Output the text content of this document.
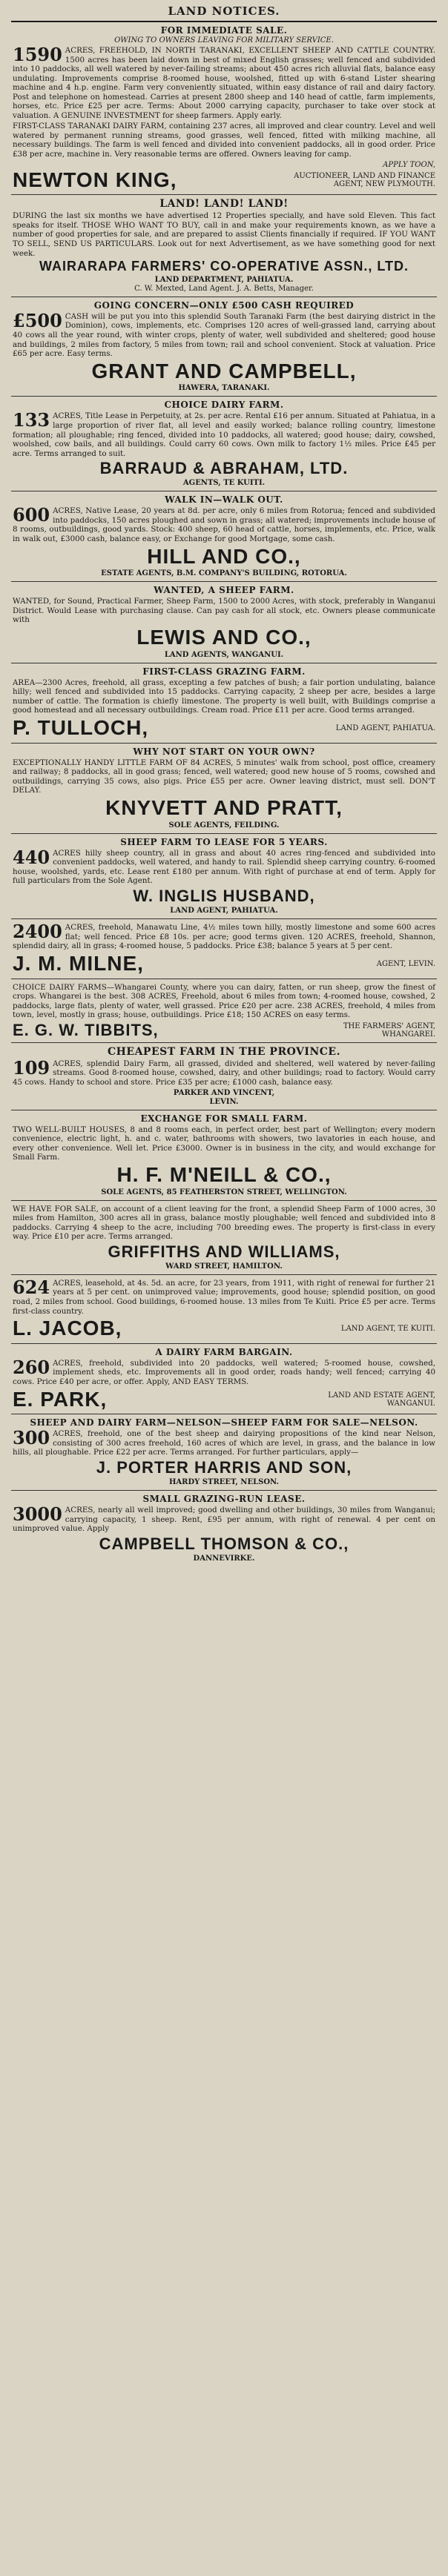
LAND NOTICES.
FOR IMMEDIATE SALE.
OWING TO OWNERS LEAVING FOR MILITARY SERVICE.
1590 ACRES, FREEHOLD, IN NORTH TARANAKI, EXCELLENT SHEEP AND CATTLE COUNTRY. 1500 acres has been laid down in best of mixed English grasses; well fenced and subdivided into 10 paddocks, all well watered by never-failing streams; about 450 acres rich alluvial flats, balance easy undulating. Improvements comprise 8-roomed house, woolshed, fitted up with 6-stand Lister shearing machine and 4 h.p. engine. Farm very conveniently situated, within easy distance of rail and dairy factory. Post and telephone on homestead. Carries at present 2800 sheep and 140 head of cattle, farm implements, horses, etc. Price £25 per acre. Terms: About 2000 carrying capacity, purchaser to take over stock at valuation. A GENUINE INVESTMENT for sheep farmers. Apply early.
FIRST-CLASS TARANAKI DAIRY FARM, containing 237 acres, all improved and clear country. Level and well watered by permanent running streams, good grasses, well fenced, fitted with milking machine, all necessary buildings. The farm is well fenced and divided into convenient paddocks, all in good order. Price £38 per acre, machine in. Very reasonable terms are offered. Owners leaving for camp.
APPLY TOON,
NEWTON KING,	AUCTIONEER, LAND AND FINANCE AGENT, NEW PLYMOUTH.
LAND! LAND! LAND!
DURING the last six months we have advertised 12 Properties specially, and have sold Eleven. This fact speaks for itself. THOSE WHO WANT TO BUY, call in and make your requirements known, as we have a number of good properties for sale, and are prepared to assist Clients financially if required. IF YOU WANT TO SELL, SEND US PARTICULARS. Look out for next Advertisement, as we have something good for next week.
WAIRARAPA FARMERS' CO-OPERATIVE ASSN., LTD.
LAND DEPARTMENT, PAHIATUA.
C. W. Mexted, Land Agent. J. A. Betts, Manager.
GOING CONCERN—ONLY £500 CASH REQUIRED
£500 CASH will be put you into this splendid South Taranaki Farm (the best dairying district in the Dominion), cows, implements, etc. Comprises 120 acres of well-grassed land, carrying about 40 cows all the year round, with winter crops, plenty of water, well subdivided and sheltered; good house and buildings, 2 miles from factory, 5 miles from town; rail and school convenient. Stock at valuation. Price £65 per acre. Easy terms.
GRANT AND CAMPBELL,
HAWERA, TARANAKI.
CHOICE DAIRY FARM.
133 ACRES, Title Lease in Perpetuity, at 2s. per acre. Rental £16 per annum. Situated at Pahiatua, in a large proportion of river flat, all level and easily worked; balance rolling country, limestone formation; all ploughable; ring fenced, divided into 10 paddocks, all watered; good house; dairy, cowshed, woolshed, cow bails, and all buildings. Could carry 60 cows. Own milk to factory 1½ miles. Price £45 per acre. Terms arranged to suit.
BARRAUD & ABRAHAM, LTD.
AGENTS, TE KUITI.
WALK IN—WALK OUT.
600 ACRES, Native Lease, 20 years at 8d. per acre, only 6 miles from Rotorua; fenced and subdivided into paddocks, 150 acres ploughed and sown in grass; all watered; improvements include house of 8 rooms, outbuildings, good yards. Stock: 400 sheep, 60 head of cattle, horses, implements, etc. Price, walk in walk out, £3000 cash, balance easy, or Exchange for good Mortgage, some cash.
HILL AND CO.,
ESTATE AGENTS, B.M. COMPANY'S BUILDING, ROTORUA.
WANTED, A SHEEP FARM.
WANTED, for Sound, Practical Farmer, Sheep Farm, 1500 to 2000 Acres, with stock, preferably in Wanganui District. Would Lease with purchasing clause. Can pay cash for all stock, etc. Owners please communicate with
LEWIS AND CO.,
LAND AGENTS, WANGANUI.
FIRST-CLASS GRAZING FARM.
AREA—2300 Acres, freehold, all grass, excepting a few patches of bush; a fair portion undulating, balance hilly; well fenced and subdivided into 15 paddocks. Carrying capacity, 2 sheep per acre, besides a large number of cattle. The formation is chiefly limestone. The property is well built, with Buildings comprise a good homestead and all necessary outbuildings. Cream road. Price £11 per acre. Good terms arranged.
P. TULLOCH,	LAND AGENT, PAHIATUA.
WHY NOT START ON YOUR OWN?
EXCEPTIONALLY HANDY LITTLE FARM OF 84 ACRES, 5 minutes' walk from school, post office, creamery and railway; 8 paddocks, all in good grass; fenced, well watered; good new house of 5 rooms, cowshed and outbuildings, carrying 35 cows, also pigs. Price £55 per acre. Owner leaving district, must sell. DON'T DELAY.
KNYVETT AND PRATT,
SOLE AGENTS, FEILDING.
SHEEP FARM TO LEASE FOR 5 YEARS.
440 ACRES hilly sheep country, all in grass and about 40 acres ring-fenced and subdivided into convenient paddocks, well watered, and handy to rail. Splendid sheep carrying country. 6-roomed house, woolshed, yards, etc. Lease rent £180 per annum. With right of purchase at end of term. Apply for full particulars from the Sole Agent.
W. INGLIS HUSBAND,
LAND AGENT, PAHIATUA.
2400 ACRES, freehold, Manawatu Line, 4½ miles town hilly, mostly limestone and some 600 acres flat; well fenced. Price £8 10s. per acre; good terms given. 120 ACRES, freehold, Shannon, splendid dairy, all in grass; 4-roomed house, 5 paddocks. Price £38; balance 5 years at 5 per cent.
J. M. MILNE,	AGENT, LEVIN.
CHOICE DAIRY FARMS—Whangarei County, where you can dairy, fatten, or run sheep, grow the finest of crops. Whangarei is the best. 308 ACRES, Freehold, about 6 miles from town; 4-roomed house, cowshed, 2 paddocks, large flats, plenty of water, well grassed. Price £20 per acre. 238 ACRES, freehold, 4 miles from town, level, mostly in grass; house, outbuildings. Price £18; 150 ACRES on easy terms.
E. G. W. TIBBITS,	THE FARMERS' AGENT, WHANGAREI.
CHEAPEST FARM IN THE PROVINCE.
109 ACRES, splendid Dairy Farm, all grassed, divided and sheltered, well watered by never-failing streams. Good 8-roomed house, cowshed, dairy, and other buildings; road to factory. Would carry 45 cows. Handy to school and store. Price £35 per acre; £1000 cash, balance easy.
PARKER AND VINCENT,
LEVIN.
EXCHANGE FOR SMALL FARM.
TWO WELL-BUILT HOUSES, 8 and 8 rooms each, in perfect order, best part of Wellington; every modern convenience, electric light, h. and c. water, bathrooms with showers, two lavatories in each house, and every other convenience. Well let. Price £3000. Owner is in business in the city, and would exchange for Small Farm.
H. F. M'NEILL & CO.,
SOLE AGENTS, 85 FEATHERSTON STREET, WELLINGTON.
WE HAVE FOR SALE, on account of a client leaving for the front, a splendid Sheep Farm of 1000 acres, 30 miles from Hamilton, 300 acres all in grass, balance mostly ploughable; well fenced and subdivided into 8 paddocks. Carrying 4 sheep to the acre, including 700 breeding ewes. The property is first-class in every way. Price £10 per acre. Terms arranged.
GRIFFITHS AND WILLIAMS,
WARD STREET, HAMILTON.
624 ACRES, leasehold, at 4s. 5d. an acre, for 23 years, from 1911, with right of renewal for further 21 years at 5 per cent. on unimproved value; improvements, good house; splendid position, on good road, 2 miles from school. Good buildings, 6-roomed house. 13 miles from Te Kuiti. Price £5 per acre. Terms first-class country.
L. JACOB,	LAND AGENT, TE KUITI.
A DAIRY FARM BARGAIN.
260 ACRES, freehold, subdivided into 20 paddocks, well watered; 5-roomed house, cowshed, implement sheds, etc. Improvements all in good order, roads handy; well fenced; carrying 40 cows. Price £40 per acre, or offer. Apply, AND EASY TERMS.
E. PARK,	LAND AND ESTATE AGENT, WANGANUI.
SHEEP AND DAIRY FARM—NELSON—SHEEP FARM FOR SALE—NELSON.
300 ACRES, freehold, one of the best sheep and dairying propositions of the kind near Nelson, consisting of 300 acres freehold, 160 acres of which are level, in grass, and the balance in low hills, all ploughable. Price £22 per acre. Terms arranged. For further particulars, apply—
J. PORTER HARRIS AND SON,
HARDY STREET, NELSON.
SMALL GRAZING-RUN LEASE.
3000 ACRES, nearly all well improved; good dwelling and other buildings, 30 miles from Wanganui; carrying capacity, 1 sheep. Rent, £95 per annum, with right of renewal. 4 per cent on unimproved value. Apply
CAMPBELL THOMSON & CO.,
DANNEVIRKE.
